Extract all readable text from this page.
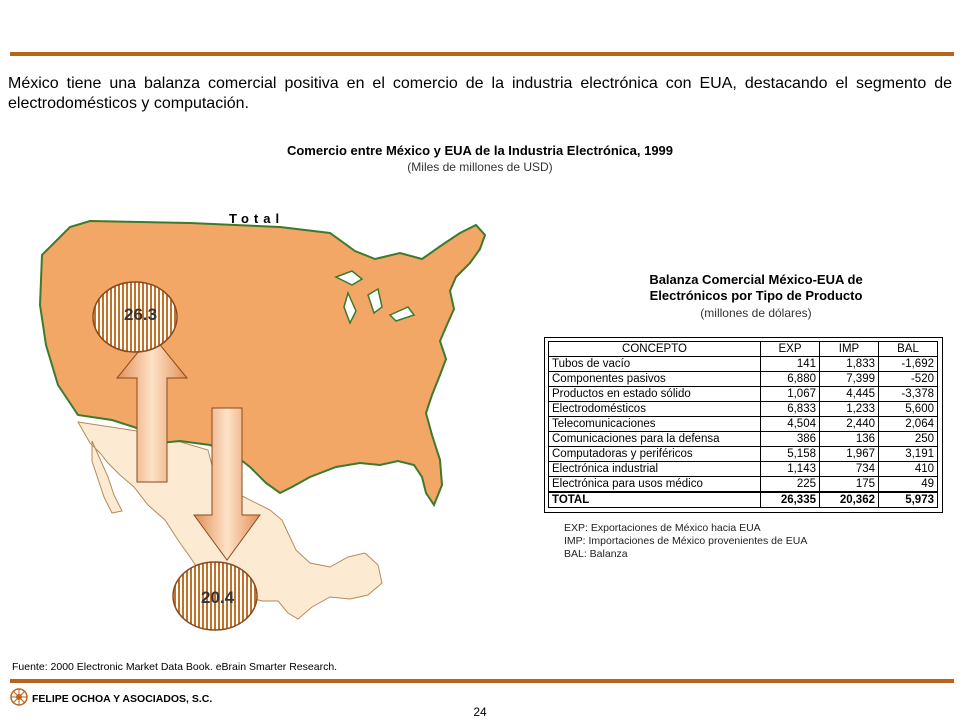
México tiene una balanza comercial positiva en el comercio de la industria electrónica con EUA, destacando el segmento de electrodomésticos y computación.

Comercio entre México y EUA de la Industria Electrónica, 1999
(Miles de millones de USD)
Total
26.3
20.4
Balanza Comercial México-EUA de
Electrónicos por Tipo de Producto
(millones de dólares)
CONCEPTO	EXP	IMP	BAL
Tubos de vacío	141	1,833	-1,692
Componentes pasivos	6,880	7,399	-520
Productos en estado sólido	1,067	4,445	-3,378
Electrodomésticos	6,833	1,233	5,600
Telecomunicaciones	4,504	2,440	2,064
Comunicaciones para la defensa	386	136	250
Computadoras y periféricos	5,158	1,967	3,191
Electrónica industrial	1,143	734	410
Electrónica para usos médico	225	175	49
TOTAL	26,335	20,362	5,973
EXP: Exportaciones de México hacia EUA
IMP: Importaciones de México provenientes de EUA
BAL: Balanza
Fuente: 2000 Electronic Market Data Book. eBrain Smarter Research.
FELIPE OCHOA Y ASOCIADOS, S.C.
24
